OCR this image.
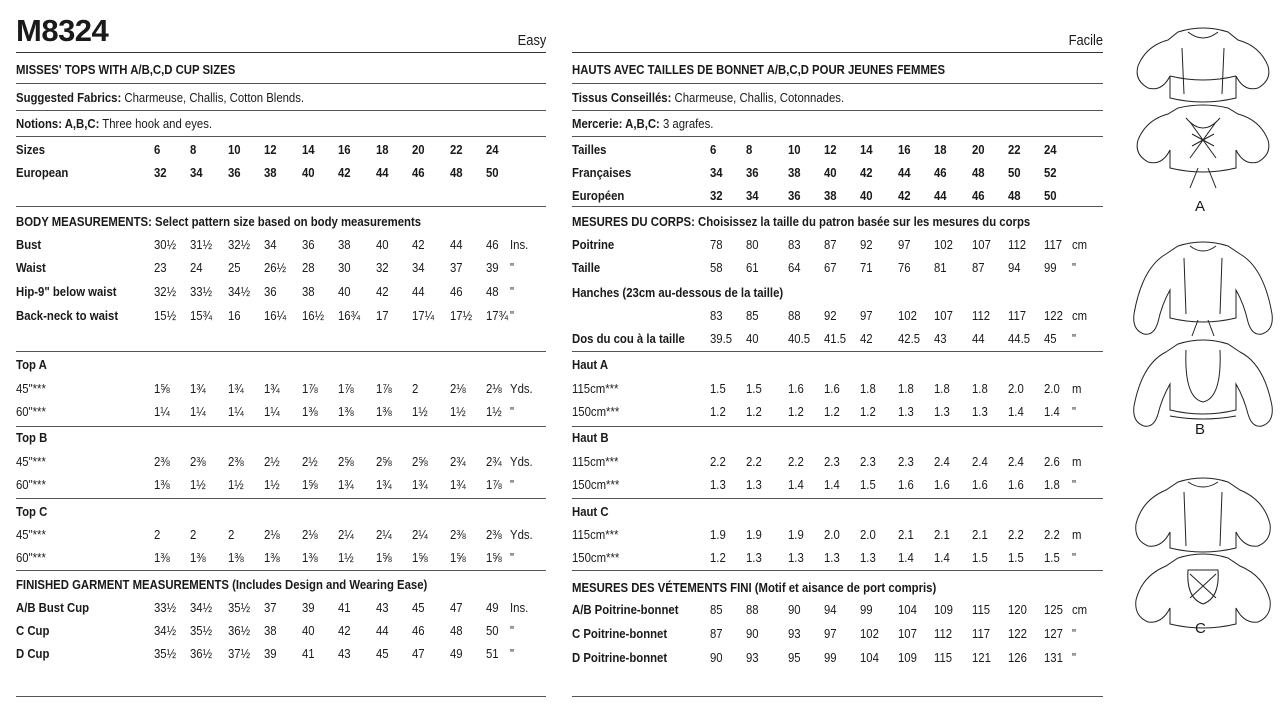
M8324	Easy
MISSES' TOPS WITH A/B,C,D CUP SIZES
Suggested Fabrics: Charmeuse, Challis, Cotton Blends.
Notions: A,B,C: Three hook and eyes.
BODY MEASUREMENTS: Select pattern size based on body measurements
FINISHED GARMENT MEASUREMENTS (Includes Design and Wearing Ease)
Sizes	6 8 10 12 14 16 18 20 22 24
European	32 34 36 38 40 42 44 46 48 50
Bust	30½ 31½ 32½ 34 36 38 40 42 44 46 Ins.
Waist	23 24 25 26½ 28 30 32 34 37 39 "
Hip-9" below waist	32½ 33½ 34½ 36 38 40 42 44 46 48 "
Back-neck to waist	15½ 15¾ 16 16¼ 16½ 16¾ 17 17¼ 17½ 17¾ "
Top A
45"***	1⅝ 1¾ 1¾ 1¾ 1⅞ 1⅞ 1⅞ 2 2⅛ 2⅛ Yds.
60"***	1¼ 1¼ 1¼ 1¼ 1⅜ 1⅜ 1⅜ 1½ 1½ 1½ "
Top B
45"***	2⅜ 2⅜ 2⅜ 2½ 2½ 2⅝ 2⅝ 2⅝ 2¾ 2¾ Yds.
60"***	1⅜ 1½ 1½ 1½ 1⅝ 1¾ 1¾ 1¾ 1¾ 1⅞ "
Top C
45"***	2 2 2 2⅛ 2⅛ 2¼ 2¼ 2¼ 2⅜ 2⅜ Yds.
60"***	1⅜ 1⅜ 1⅜ 1⅜ 1⅜ 1½ 1⅝ 1⅝ 1⅝ 1⅝ "
A/B Bust Cup	33½ 34½ 35½ 37 39 41 43 45 47 49 Ins.
C Cup	34½ 35½ 36½ 38 40 42 44 46 48 50 "
D Cup	35½ 36½ 37½ 39 41 43 45 47 49 51 "
Facile
HAUTS AVEC TAILLES DE BONNET A/B,C,D POUR JEUNES FEMMES
Tissus Conseillés: Charmeuse, Challis, Cotonnades.
Mercerie: A,B,C: 3 agrafes.
MESURES DU CORPS: Choisissez la taille du patron basée sur les mesures du corps
Hanches (23cm au-dessous de la taille)
MESURES DES VÉTEMENTS FINI (Motif et aisance de port compris)
Tailles	6 8	10 12 14 16 18 20 22 24
Françaises	34 36 38 40 42 44 46 48 50 52
Européen	32 34 36 38 40 42 44 46 48 50
Poitrine	78 80 83 87 92 97 102 107 112 117 cm
Taille	58 61 64 67 71 76 81 87 94 99 "
83 85 88 92 97 102 107 112 117 122 cm
Dos du cou à la taille 39.5 40 40.5 41.5 42 42.5 43 44 44.5 45 "
Haut A
115cm***	1.5 1.5 1.6 1.6 1.8 1.8 1.8 1.8 2.0 2.0 m
150cm***	1.2 1.2 1.2 1.2 1.2 1.3 1.3 1.3 1.4 1.4 "
Haut B
115cm***	2.2 2.2 2.2 2.3 2.3 2.3 2.4 2.4 2.4 2.6 m
150cm***	1.3 1.3 1.4 1.4 1.5 1.6 1.6 1.6 1.6 1.8 "
Haut C
115cm***	1.9 1.9 1.9 2.0 2.0 2.1 2.1 2.1 2.2 2.2 m
150cm***	1.2 1.3 1.3 1.3 1.3 1.4 1.4 1.5 1.5 1.5 "
A/B Poitrine-bonnet 85 88 90 94 99 104 109 115 120 125 cm
C Poitrine-bonnet	87 90 93 97 102 107 112 117 122 127 "
D Poitrine-bonnet	90 93 95 99 104 109 115 121 126 131 "
A
B
C
